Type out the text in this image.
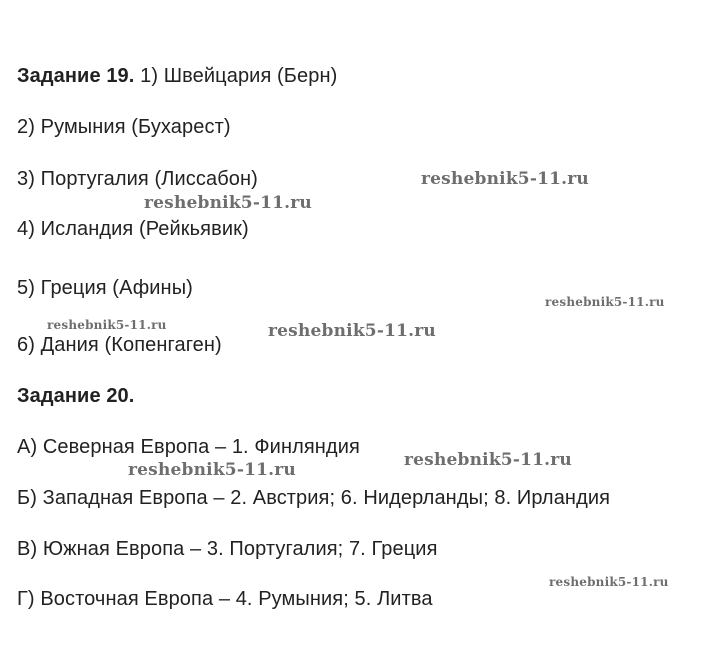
Задание 19. 1) Швейцария (Берн)
2) Румыния (Бухарест)
3) Португалия (Лиссабон)
4) Исландия (Рейкьявик)
5) Греция (Афины)
6) Дания (Копенгаген)
Задание 20.
А) Северная Европа – 1. Финляндия
Б) Западная Европа – 2. Австрия; 6. Нидерланды; 8. Ирландия
В) Южная Европа – 3. Португалия; 7. Греция
Г) Восточная Европа – 4. Румыния; 5. Литва
reshebnik5-11.ru
reshebnik5-11.ru
reshebnik5-11.ru
reshebnik5-11.ru	reshebnik5-11.ru
reshebnik5-11.ru
reshebnik5-11.ru
reshebnik5-11.ru
